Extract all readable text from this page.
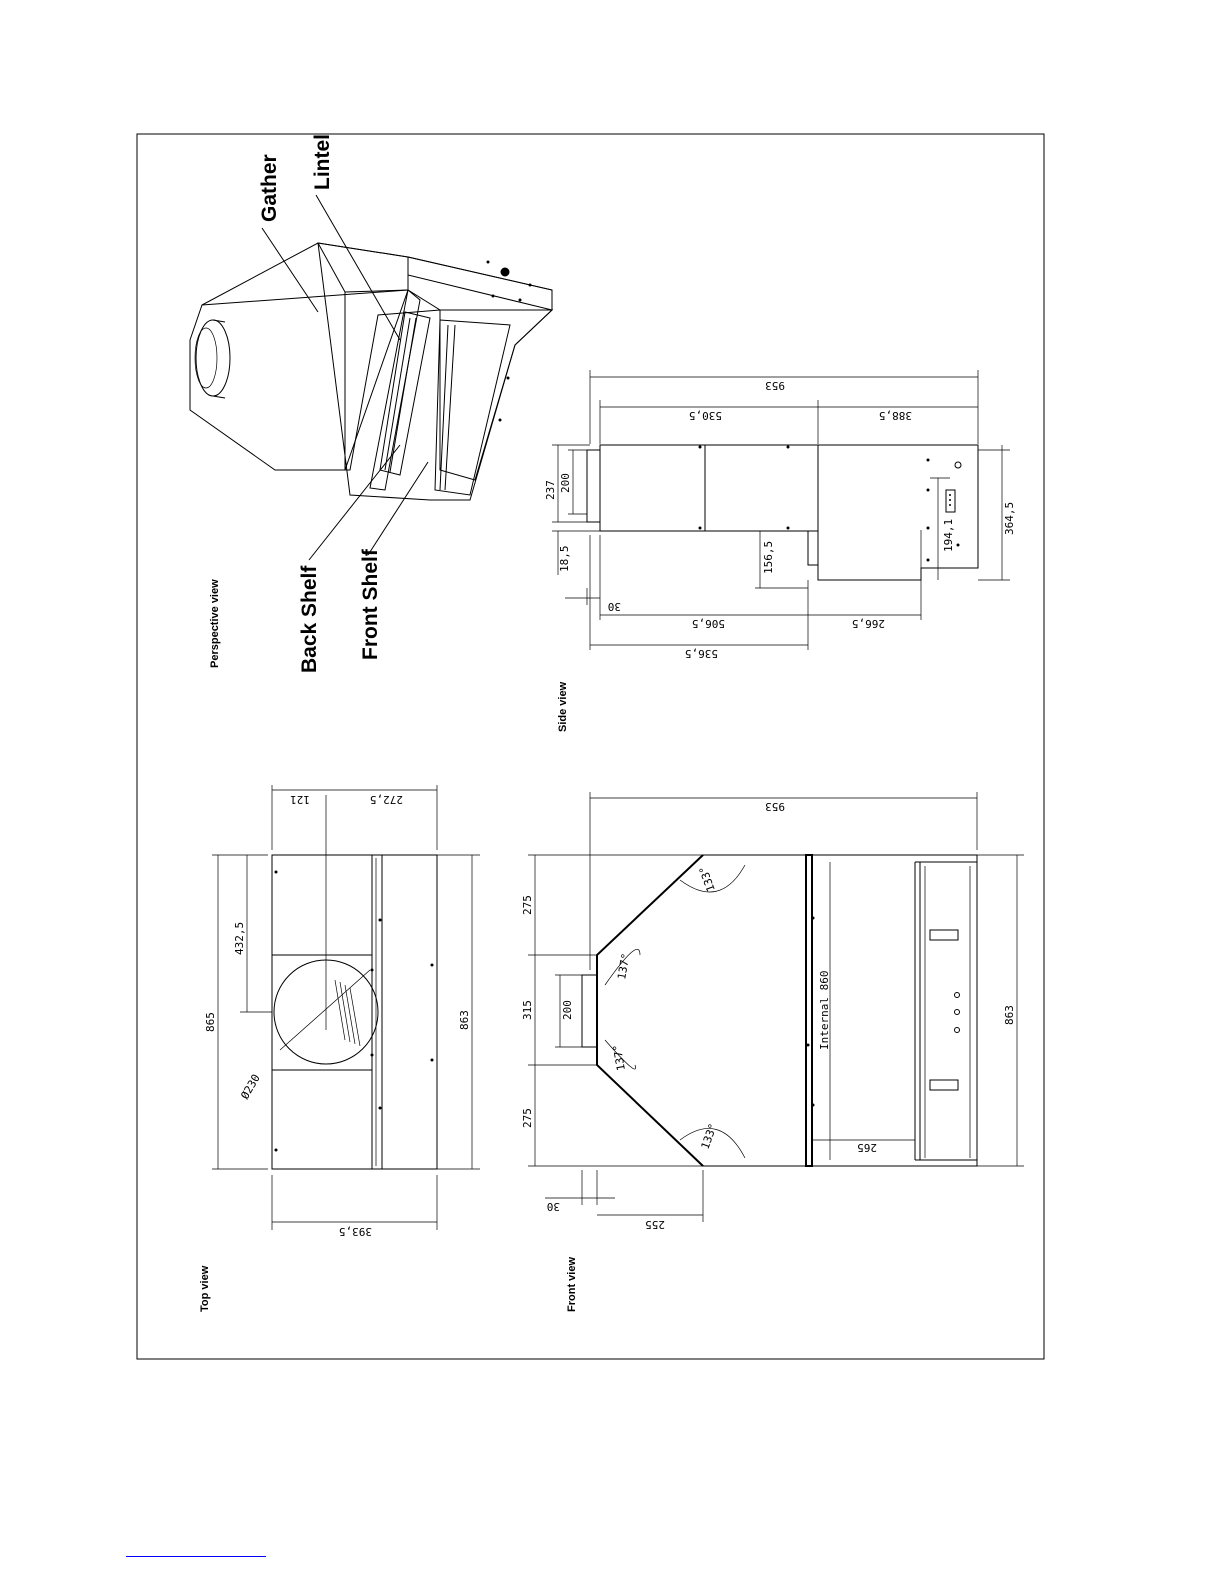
Gather Lintel
Back Shelf Front Shelf
Perspective view
953
530,5	388,5
237 200
18,5	156,5
30
506,5	266,5
536,5
194,1
364,5
Side view
121	272,5
865
432,5
863
Ø230
393,5
Top view
133°
137°
137°
133°
Internal 860
265
953
275
315
275
200
30
255
863
Front view
